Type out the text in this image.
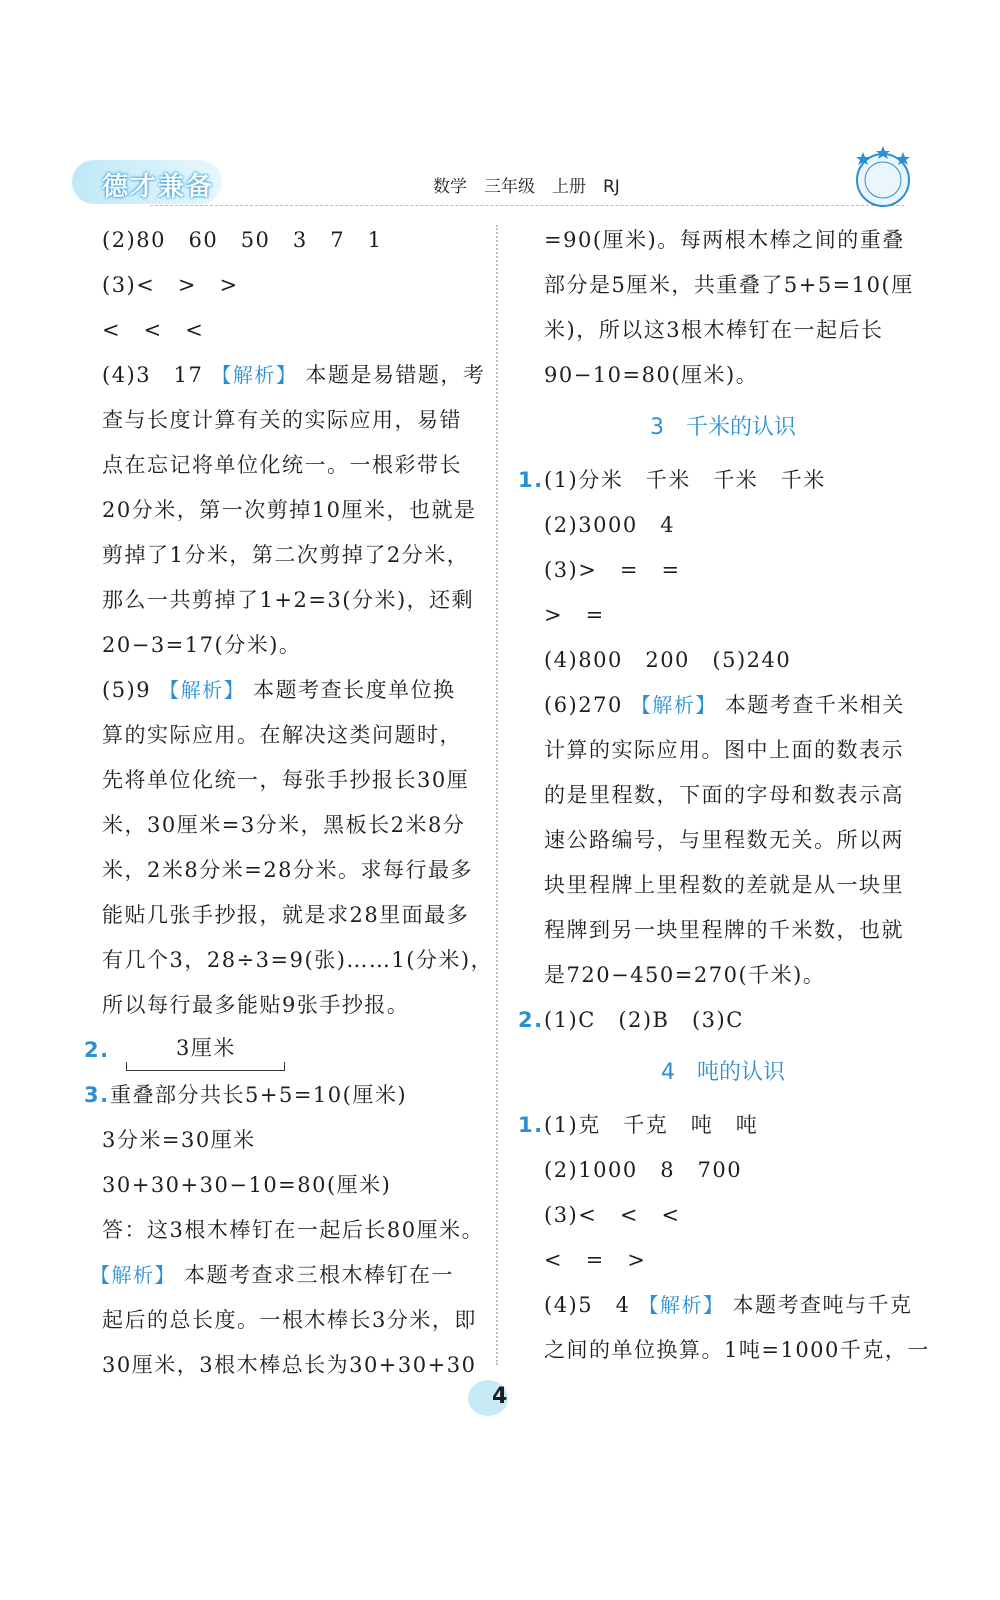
德才兼备	数学　三年级　上册　RJ
(2)80　60　50　3　7　1
(3)<　>　>
<　<　<
(4)3　17 【解析】 本题是易错题，考
查与长度计算有关的实际应用，易错
点在忘记将单位化统一。一根彩带长
20分米，第一次剪掉10厘米，也就是
剪掉了1分米，第二次剪掉了2分米，
那么一共剪掉了1+2=3(分米)，还剩
20−3=17(分米)。
(5)9 【解析】 本题考查长度单位换
算的实际应用。在解决这类问题时，
先将单位化统一，每张手抄报长30厘
米，30厘米=3分米，黑板长2米8分
米，2米8分米=28分米。求每行最多
能贴几张手抄报，就是求28里面最多
有几个3，28÷3=9(张)……1(分米)，
所以每行最多能贴9张手抄报。
2.	3厘米
3.重叠部分共长5+5=10(厘米)
3分米=30厘米
30+30+30−10=80(厘米)
答：这3根木棒钉在一起后长80厘米。
【解析】 本题考查求三根木棒钉在一
起后的总长度。一根木棒长3分米，即
30厘米，3根木棒总长为30+30+30
=90(厘米)。每两根木棒之间的重叠
部分是5厘米，共重叠了5+5=10(厘
米)，所以这3根木棒钉在一起后长
90−10=80(厘米)。
3　千米的认识
1.(1)分米　千米　千米　千米
(2)3000　4
(3)>　=　=
>　=
(4)800　200　(5)240
(6)270 【解析】 本题考查千米相关
计算的实际应用。图中上面的数表示
的是里程数，下面的字母和数表示高
速公路编号，与里程数无关。所以两
块里程牌上里程数的差就是从一块里
程牌到另一块里程牌的千米数，也就
是720−450=270(千米)。
2.(1)C　(2)B　(3)C
4　吨的认识
1.(1)克　千克　吨　吨
(2)1000　8　700
(3)<　<　<
<　=　>
(4)5　4 【解析】 本题考查吨与千克
之间的单位换算。1吨=1000千克，一
4
